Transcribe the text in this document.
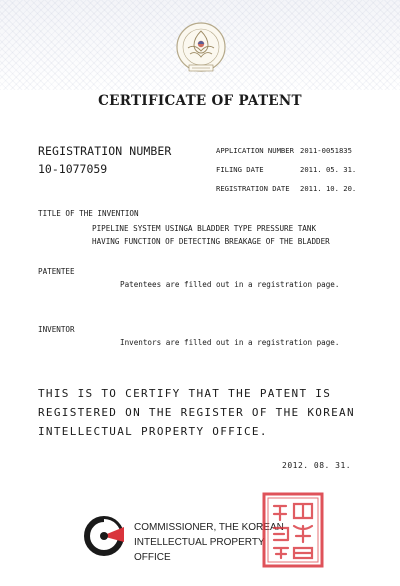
CERTIFICATE OF PATENT
REGISTRATION NUMBER
10-1077059
APPLICATION NUMBER 2011-0051835
FILING DATE	2011. 05. 31.
REGISTRATION DATE 2011. 10. 20.
TITLE OF THE INVENTION
PIPELINE SYSTEM USINGA BLADDER TYPE PRESSURE TANK
HAVING FUNCTION OF DETECTING BREAKAGE OF THE BLADDER
PATENTEE
Patentees are filled out in a registration page.
INVENTOR
Inventors are filled out in a registration page.
THIS IS TO CERTIFY THAT THE PATENT IS
REGISTERED ON THE REGISTER OF THE KOREAN
INTELLECTUAL PROPERTY OFFICE.
2012. 08. 31.
COMMISSIONER, THE KOREAN
INTELLECTUAL PROPERTY OFFICE
